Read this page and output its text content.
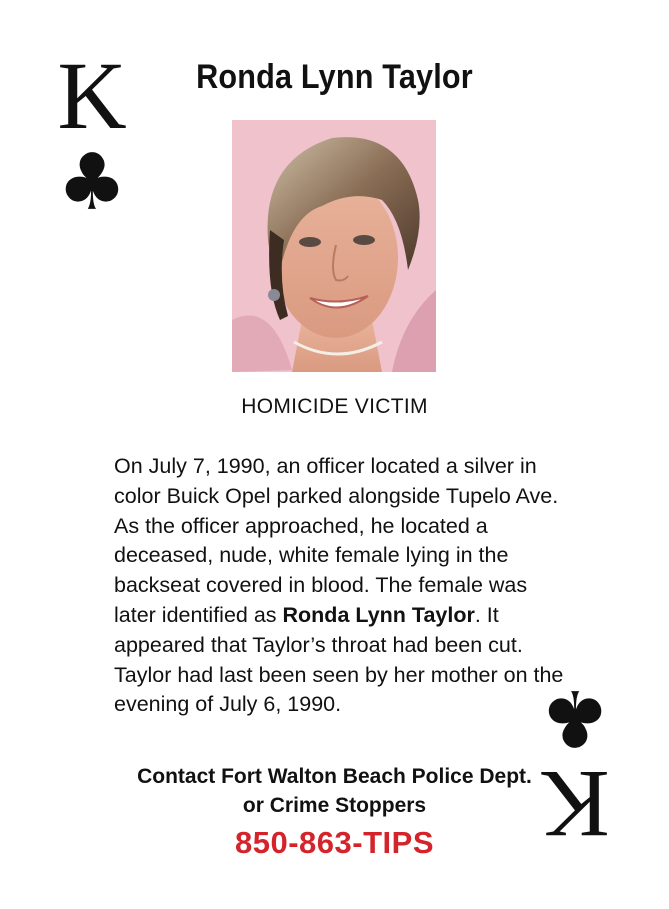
K
♣
Ronda Lynn Taylor
HOMICIDE VICTIM
On July 7, 1990, an officer located a silver in color Buick Opel parked alongside Tupelo Ave. As the officer approached, he located a deceased, nude, white female lying in the backseat covered in blood. The female was later identified as Ronda Lynn Taylor. It appeared that Taylor’s throat had been cut. Taylor had last been seen by her mother on the evening of July 6, 1990.
K
♣
Contact Fort Walton Beach Police Dept.
or Crime Stoppers
850-863-TIPS
